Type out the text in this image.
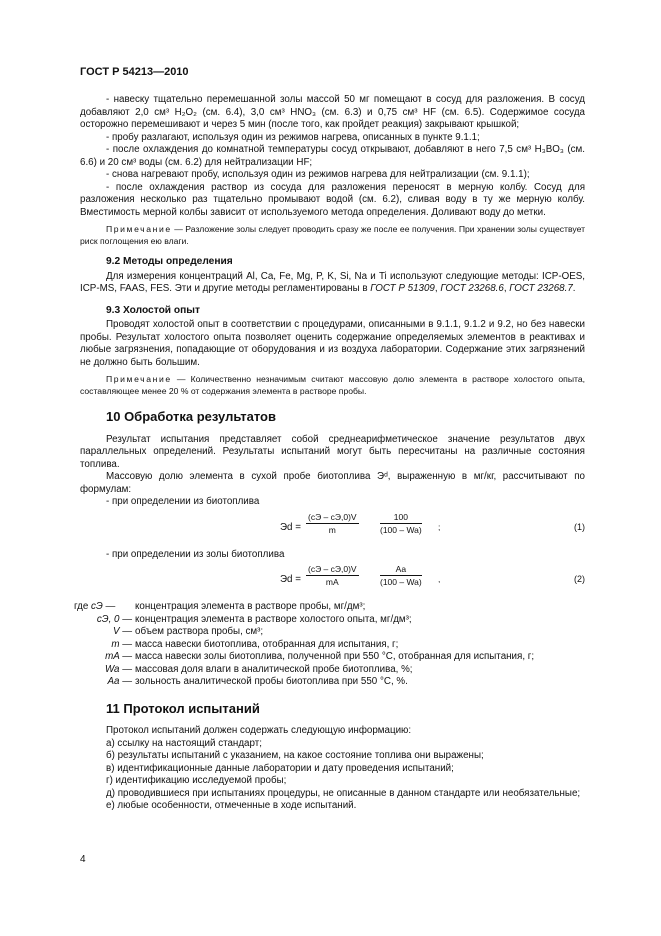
ГОСТ Р 54213—2010

- навеску тщательно перемешанной золы массой 50 мг помещают в сосуд для разложения. В сосуд добавляют 2,0 см³ H₂O₂ (см. 6.4), 3,0 см³ HNO₃ (см. 6.3) и 0,75 см³ HF (см. 6.5). Содержимое сосуда осторожно перемешивают и через 5 мин (после того, как пройдет реакция) закрывают крышкой;

- пробу разлагают, используя один из режимов нагрева, описанных в пункте 9.1.1;

- после охлаждения до комнатной температуры сосуд открывают, добавляют в него 7,5 см³ H₃BO₃ (см. 6.6) и 20 см³ воды (см. 6.2) для нейтрализации HF;

- снова нагревают пробу, используя один из режимов нагрева для нейтрализации (см. 9.1.1);

- после охлаждения раствор из сосуда для разложения переносят в мерную колбу. Сосуд для разложения несколько раз тщательно промывают водой (см. 6.2), сливая воду в ту же мерную колбу. Вместимость мерной колбы зависит от используемого метода определения. Доливают воду до метки.

Примечание — Разложение золы следует проводить сразу же после ее получения. При хранении золы существует риск поглощения ею влаги.
9.2 Методы определения

Для измерения концентраций Al, Ca, Fe, Mg, P, K, Si, Na и Ti используют следующие методы: ICP-OES, ICP-MS, FAAS, FES. Эти и другие методы регламентированы в ГОСТ Р 51309, ГОСТ 23268.6, ГОСТ 23268.7.

9.3 Холостой опыт

Проводят холостой опыт в соответствии с процедурами, описанными в 9.1.1, 9.1.2 и 9.2, но без навески пробы. Результат холостого опыта позволяет оценить содержание определяемых элементов в реактивах и любые загрязнения, попадающие от оборудования и из воздуха лаборатории. Содержание этих загрязнений не должно быть большим.

Примечание — Количественно незначимым считают массовую долю элемента в растворе холостого опыта, составляющее менее 20 % от содержания элемента в растворе пробы.
10 Обработка результатов

Результат испытания представляет собой среднеарифметическое значение результатов двух параллельных определений. Результаты испытаний могут быть пересчитаны на различные состояния топлива.

Массовую долю элемента в сухой пробе биотоплива Эᵈ, выраженную в мг/кг, рассчитывают по формулам:

- при определении из биотоплива

Эd =
(cЭ – cЭ,0)V
m	$\frac{100}{(100 - Wa)}$ ;	(1)

- при определении из золы биотоплива

Эd =
(cЭ – cЭ,0)V
mA	$\frac{Aa}{(100 - Wa)}$ ,	(2)
где cЭ —	концентрация элемента в растворе пробы, мг/дм³;
cЭ, 0 —	концентрация элемента в растворе холостого опыта, мг/дм³;
V —	объем раствора пробы, см³;
m —	масса навески биотоплива, отобранная для испытания, г;
mA —	масса навески золы биотоплива, полученной при 550 °С, отобранная для испытания, г;
Wa —	массовая доля влаги в аналитической пробе биотоплива, %;
Aa —	зольность аналитической пробы биотоплива при 550 °С, %.
11 Протокол испытаний

Протокол испытаний должен содержать следующую информацию:

а) ссылку на настоящий стандарт;

б) результаты испытаний с указанием, на какое состояние топлива они выражены;

в) идентификационные данные лаборатории и дату проведения испытаний;

г) идентификацию исследуемой пробы;

д) проводившиеся при испытаниях процедуры, не описанные в данном стандарте или необязательные;

е) любые особенности, отмеченные в ходе испытаний.

4
